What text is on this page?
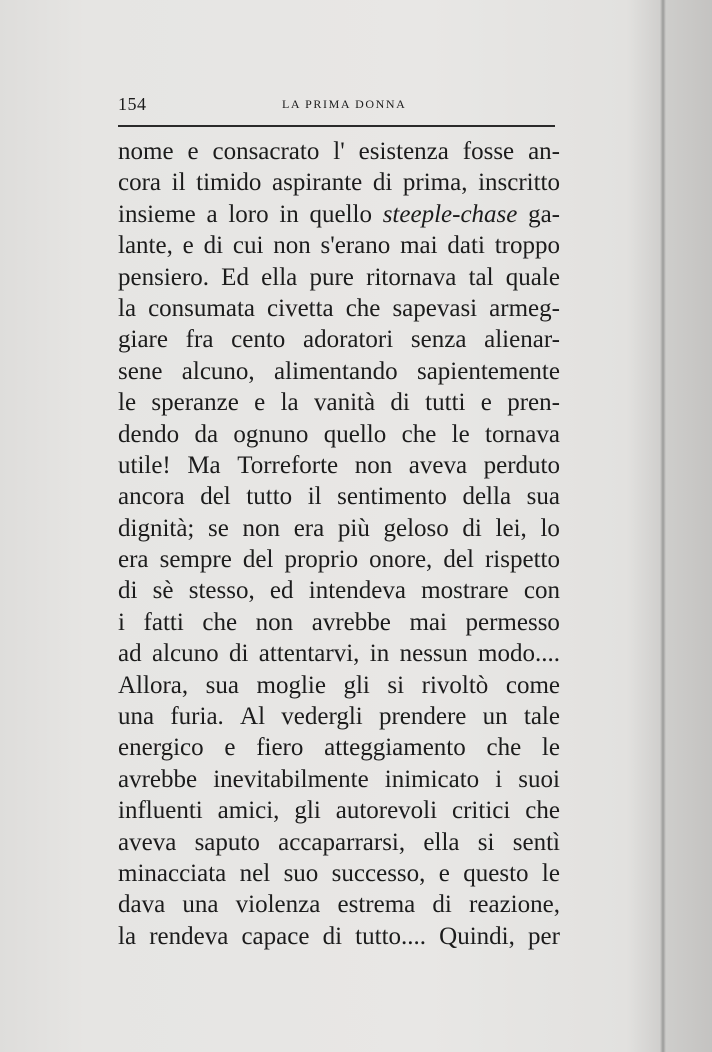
154	LA PRIMA DONNA
nome e consacrato l' esistenza fosse an-
cora il timido aspirante di prima, inscritto
insieme a loro in quello steeple-chase ga-
lante, e di cui non s'erano mai dati troppo
pensiero. Ed ella pure ritornava tal quale
la consumata civetta che sapevasi armeg-
giare fra cento adoratori senza alienar-
sene alcuno, alimentando sapientemente
le speranze e la vanità di tutti e pren-
dendo da ognuno quello che le tornava
utile! Ma Torreforte non aveva perduto
ancora del tutto il sentimento della sua
dignità; se non era più geloso di lei, lo
era sempre del proprio onore, del rispetto
di sè stesso, ed intendeva mostrare con
i fatti che non avrebbe mai permesso
ad alcuno di attentarvi, in nessun modo....
Allora, sua moglie gli si rivoltò come
una furia. Al vedergli prendere un tale
energico e fiero atteggiamento che le
avrebbe inevitabilmente inimicato i suoi
influenti amici, gli autorevoli critici che
aveva saputo accaparrarsi, ella si sentì
minacciata nel suo successo, e questo le
dava una violenza estrema di reazione,
la rendeva capace di tutto.... Quindi, per
